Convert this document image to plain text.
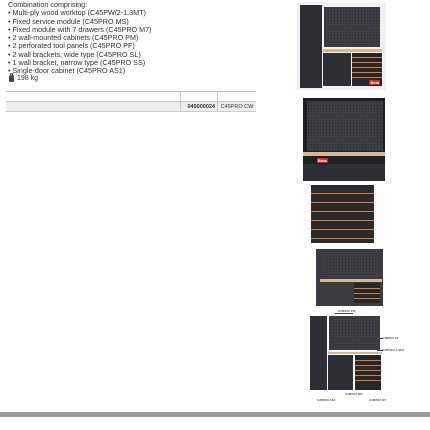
Combination comprising:

• Multi-ply wood worktop (C45PW/2-1.3MT)
• Fixed service module (C45PRO MS)
• Fixed module with 7 drawers (C45PRO M7)
• 2 wall-mounted cabinets (C45PRO PM)
• 2 perforated tool panels (C45PRO PF)
• 2 wall brackets, wide type (C45PRO SL)
• 1 wall bracket, narrow type (C45PRO SS)
• Single-door cabinet (C45PRO AS1)
198 kg

	045000024	C45PRO CW
Beta
Beta
C45PRO PM
C45PRO PF
C45PW/2-1.3MT
C45PRO AS1
C45PRO MS
C45PRO M7
